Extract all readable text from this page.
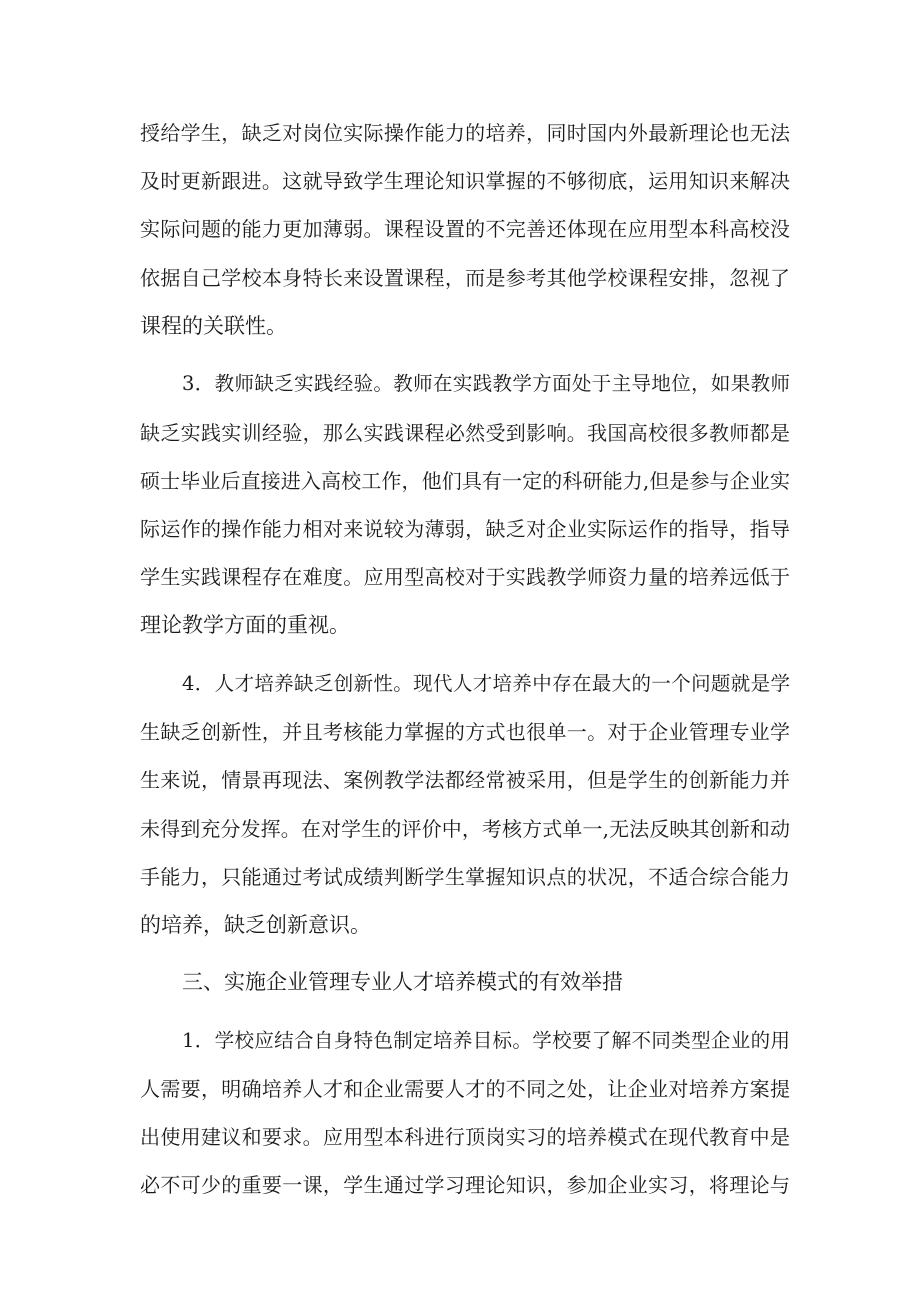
授给学生，缺乏对岗位实际操作能力的培养，同时国内外最新理论也无法
及时更新跟进。这就导致学生理论知识掌握的不够彻底，运用知识来解决
实际问题的能力更加薄弱。课程设置的不完善还体现在应用型本科高校没
依据自己学校本身特长来设置课程，而是参考其他学校课程安排，忽视了
课程的关联性。
3．教师缺乏实践经验。教师在实践教学方面处于主导地位，如果教师
缺乏实践实训经验，那么实践课程必然受到影响。我国高校很多教师都是
硕士毕业后直接进入高校工作，他们具有一定的科研能力,但是参与企业实
际运作的操作能力相对来说较为薄弱，缺乏对企业实际运作的指导，指导
学生实践课程存在难度。应用型高校对于实践教学师资力量的培养远低于
理论教学方面的重视。
4．人才培养缺乏创新性。现代人才培养中存在最大的一个问题就是学
生缺乏创新性，并且考核能力掌握的方式也很单一。对于企业管理专业学
生来说，情景再现法、案例教学法都经常被采用，但是学生的创新能力并
未得到充分发挥。在对学生的评价中，考核方式单一,无法反映其创新和动
手能力，只能通过考试成绩判断学生掌握知识点的状况，不适合综合能力
的培养，缺乏创新意识。
三、实施企业管理专业人才培养模式的有效举措
1．学校应结合自身特色制定培养目标。学校要了解不同类型企业的用
人需要，明确培养人才和企业需要人才的不同之处，让企业对培养方案提
出使用建议和要求。应用型本科进行顶岗实习的培养模式在现代教育中是
必不可少的重要一课，学生通过学习理论知识，参加企业实习，将理论与
